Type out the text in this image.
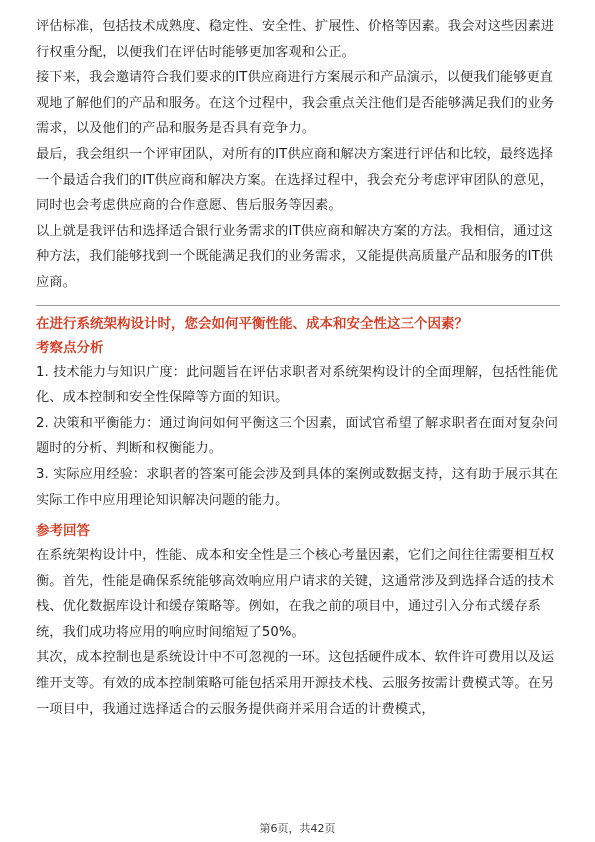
评估标准，包括技术成熟度、稳定性、安全性、扩展性、价格等因素。我会对这些因素进行权重分配，以便我们在评估时能够更加客观和公正。

接下来，我会邀请符合我们要求的IT供应商进行方案展示和产品演示，以便我们能够更直观地了解他们的产品和服务。在这个过程中，我会重点关注他们是否能够满足我们的业务需求，以及他们的产品和服务是否具有竞争力。

最后，我会组织一个评审团队，对所有的IT供应商和解决方案进行评估和比较，最终选择一个最适合我们的IT供应商和解决方案。在选择过程中，我会充分考虑评审团队的意见，同时也会考虑供应商的合作意愿、售后服务等因素。

以上就是我评估和选择适合银行业务需求的IT供应商和解决方案的方法。我相信，通过这种方法，我们能够找到一个既能满足我们的业务需求，又能提供高质量产品和服务的IT供应商。

在进行系统架构设计时，您会如何平衡性能、成本和安全性这三个因素？

考察点分析

1. 技术能力与知识广度：此问题旨在评估求职者对系统架构设计的全面理解，包括性能优化、成本控制和安全性保障等方面的知识。

2. 决策和平衡能力：通过询问如何平衡这三个因素，面试官希望了解求职者在面对复杂问题时的分析、判断和权衡能力。

3. 实际应用经验：求职者的答案可能会涉及到具体的案例或数据支持，这有助于展示其在实际工作中应用理论知识解决问题的能力。

参考回答

在系统架构设计中，性能、成本和安全性是三个核心考量因素，它们之间往往需要相互权衡。首先，性能是确保系统能够高效响应用户请求的关键，这通常涉及到选择合适的技术栈、优化数据库设计和缓存策略等。例如，在我之前的项目中，通过引入分布式缓存系统，我们成功将应用的响应时间缩短了50%。

其次，成本控制也是系统设计中不可忽视的一环。这包括硬件成本、软件许可费用以及运维开支等。有效的成本控制策略可能包括采用开源技术栈、云服务按需计费模式等。在另一项目中，我通过选择适合的云服务提供商并采用合适的计费模式，

第6页，共42页
